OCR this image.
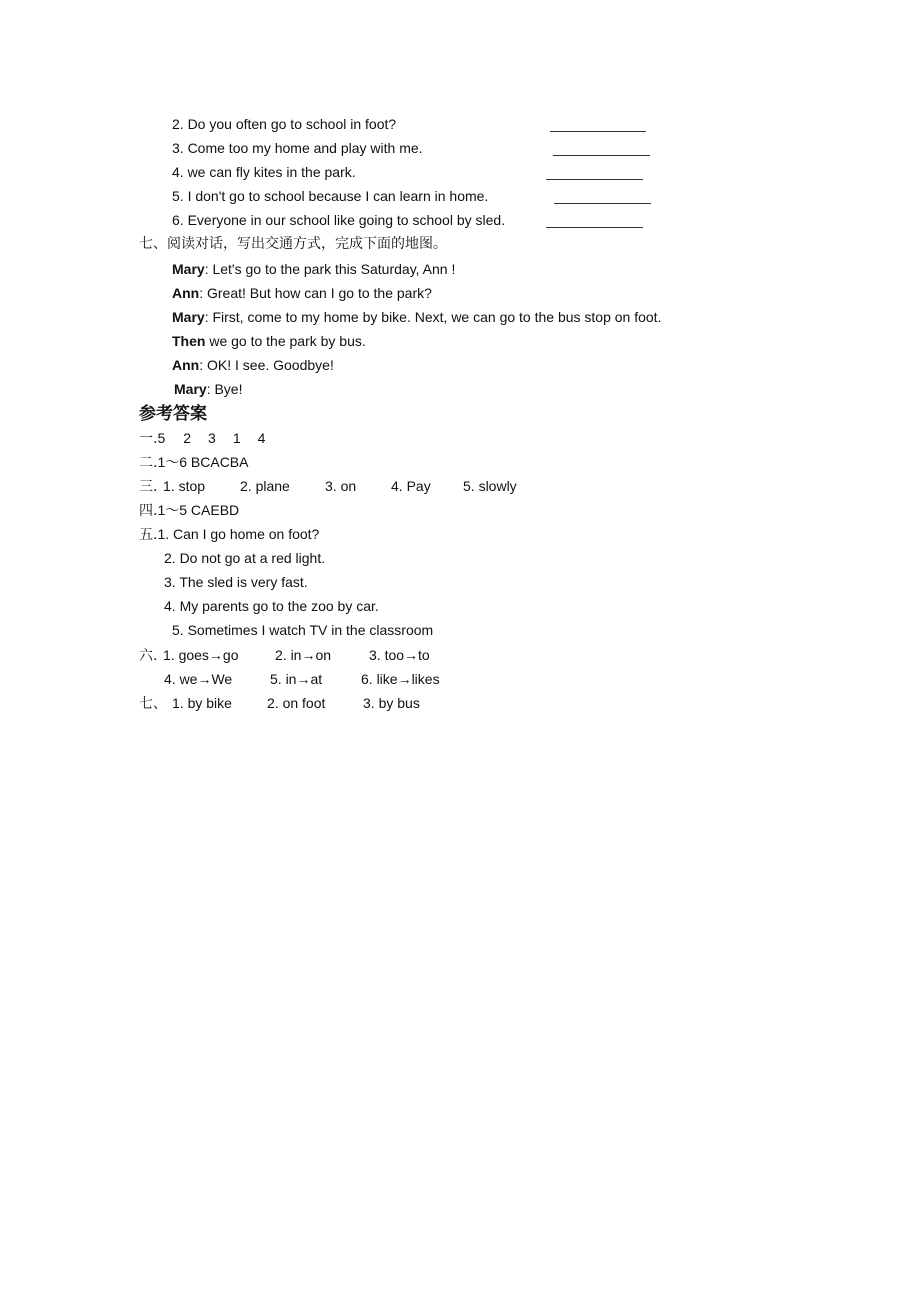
2. Do you often go to school in foot?
3. Come too my home and play with me.
4. we can fly kites in the park.
5. I don't go to school because I can learn in home.
6. Everyone in our school like going to school by sled.
七、阅读对话，写出交通方式，完成下面的地图。
Mary: Let's go to the park this Saturday, Ann !
Ann: Great! But how can I go to the park?
Mary: First, come to my home by bike. Next, we can go to the bus stop on foot.
Then we go to the park by bus.
Ann: OK! I see. Goodbye!
Mary: Bye!
参考答案
一.5 2 3 1 4
二.1～6 BCACBA
三. 1. stop 2. plane	3. on 4. Pay 5. slowly
四.1～5 CAEBD
五.1. Can I go home on foot?
2. Do not go at a red light.
3. The sled is very fast.
4. My parents go to the zoo by car.
5. Sometimes I watch TV in the classroom
六. 1. goes→go	2. in→on	3. too→to
4. we→We	5. in→at	6. like→likes
七、 1. by bike	2. on foot	3. by bus
